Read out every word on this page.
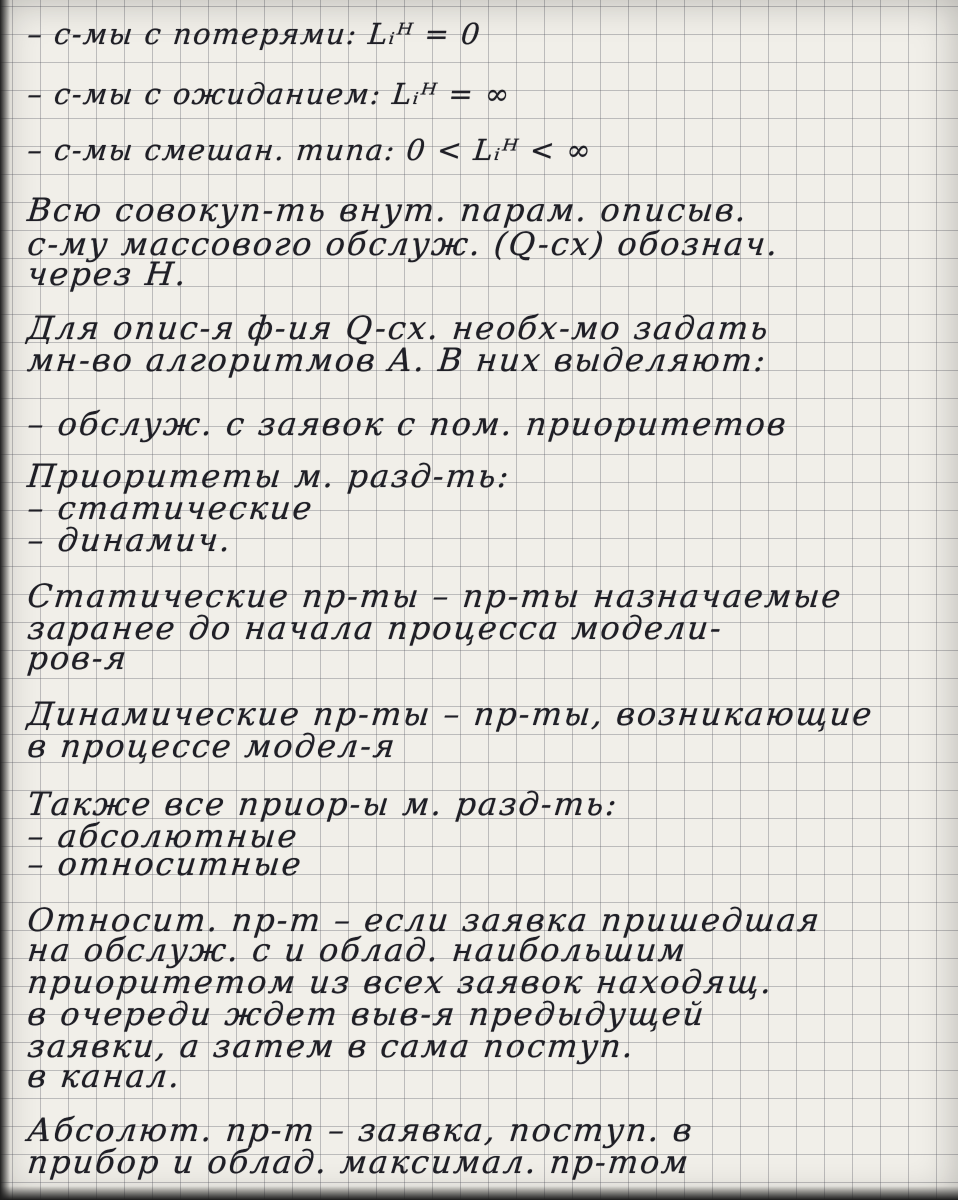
– с-мы с потерями: Lᵢᴴ = 0
– с-мы с ожиданием: Lᵢᴴ = ∞
– с-мы смешан. типа: 0 < Lᵢᴴ < ∞
Всю совокуп-ть внут. парам. описыв.
с-му массового обслуж. (Q-сх) обознач.
через H.
Для опис-я ф-ия Q-сх. необх-мо задать
мн-во алгоритмов A. В них выделяют:
– обслуж. с заявок с пом. приоритетов
Приоритеты м. разд-ть:
– статические
– динамич.
Статические пр-ты – пр-ты назначаемые
заранее до начала процесса модели-
ров-я
Динамические пр-ты – пр-ты, возникающие
в процессе модел-я
Также все приор-ы м. разд-ть:
– абсолютные
– относитные
Относит. пр-т – если заявка пришедшая
на обслуж. с и облад. наибольшим
приоритетом из всех заявок находящ.
в очереди ждет выв-я предыдущей
заявки, а затем в сама поступ.
в канал.
Абсолют. пр-т – заявка, поступ. в
прибор и облад. максимал. пр-том
